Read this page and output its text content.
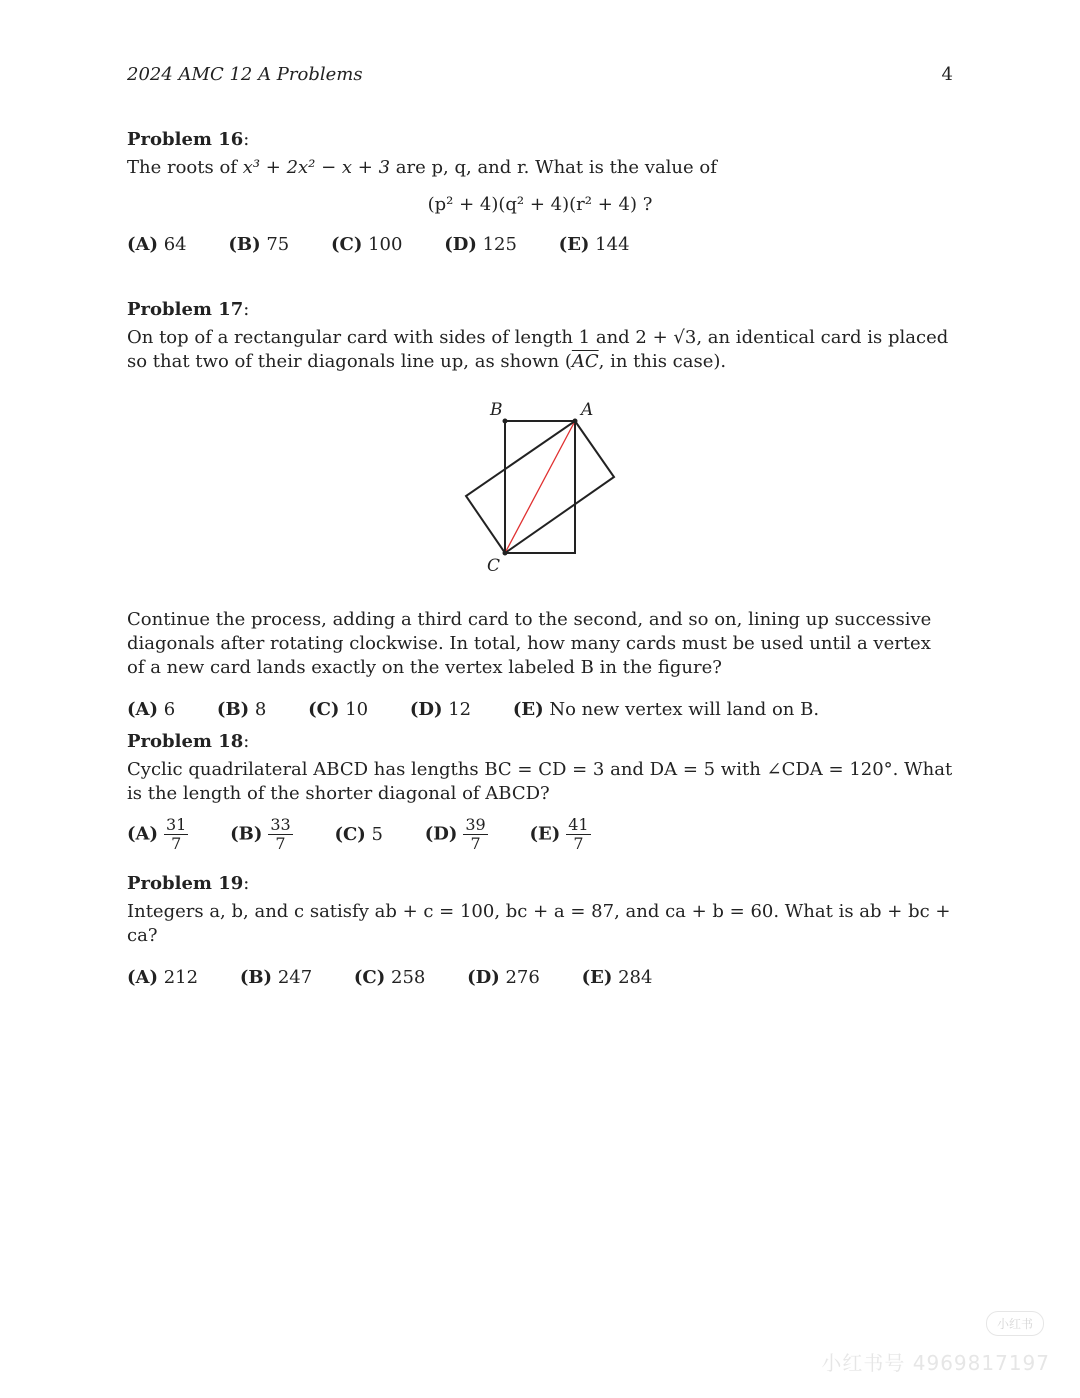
2024 AMC 12 A Problems	4
Problem 16:
The roots of x³ + 2x² − x + 3 are p, q, and r. What is the value of
(p² + 4)(q² + 4)(r² + 4) ?
(A) 64 (B) 75 (C) 100 (D) 125 (E) 144
Problem 17:
On top of a rectangular card with sides of length 1 and 2 + √3, an identical card is placed so that two of their diagonals line up, as shown ($\overline{AC}$, in this case).
B	A
C
Continue the process, adding a third card to the second, and so on, lining up successive diagonals after rotating clockwise. In total, how many cards must be used until a vertex of a new card lands exactly on the vertex labeled B in the figure?
(A) 6 (B) 8 (C) 10 (D) 12 (E) No new vertex will land on B.
Problem 18:
Cyclic quadrilateral ABCD has lengths BC = CD = 3 and DA = 5 with ∠CDA = 120°. What is the length of the shorter diagonal of ABCD?
$(A) \frac{31}{7} (B) \frac{33}{7} (C)$ 5 $(D) \frac{39}{7} (E) \frac{41}{7}$
Problem 19:
Integers a, b, and c satisfy ab + c = 100, bc + a = 87, and ca + b = 60. What is ab + bc + ca?
(A) 212 (B) 247 (C) 258 (D) 276 (E) 284
小红书
小红书号 4969817197
